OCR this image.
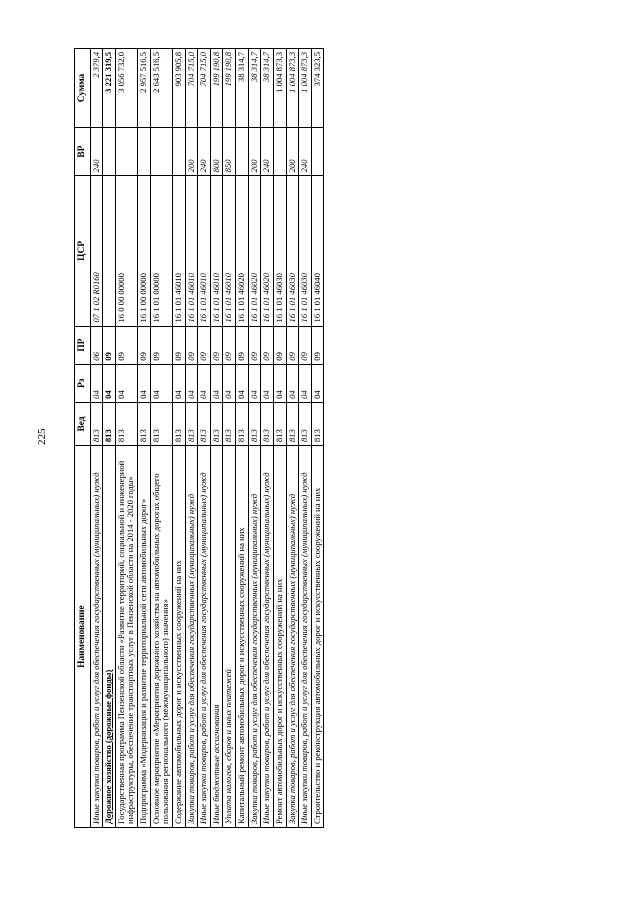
225
Наименование	Вед	Рз	ПР	ЦСР	ВР	Сумма
Иные закупки товаров, работ и услуг для обеспечения государственных (муниципальных) нужд	813	04	06	07 1 02 R0160	240	2 379,4
Дорожное хозяйство (дорожные фонды)	813	04	09			3 221 319,5
Государственная программа Пензенской области «Развитие территорий, социальной и инженерной инфраструктуры, обеспечение транспортных услуг в Пензенской области на 2014 - 2020 годы»	813	04	09	16 0 00 00000		3 056 732,0
Подпрограмма «Модернизация и развитие территориальной сети автомобильных дорог»	813	04	09	16 1 00 00000		2 957 516,5
Основное мероприятие «Мероприятия дорожного хозяйства на автомобильных дорогах общего пользования регионального (межмуниципального) значения»	813	04	09	16 1 01 00000		2 643 516,5
Содержание автомобильных дорог и искусственных сооружений на них	813	04	09	16 1 01 46010		903 905,8
Закупка товаров, работ и услуг для обеспечения государственных (муниципальных) нужд	813	04	09	16 1 01 46010	200	704 715,0
Иные закупки товаров, работ и услуг для обеспечения государственных (муниципальных) нужд	813	04	09	16 1 01 46010	240	704 715,0
Иные бюджетные ассигнования	813	04	09	16 1 01 46010	800	199 190,8
Уплата налогов, сборов и иных платежей	813	04	09	16 1 01 46010	850	199 190,8
Капитальный ремонт автомобильных дорог и искусственных сооружений на них	813	04	09	16 1 01 46020		38 314,7
Закупка товаров, работ и услуг для обеспечения государственных (муниципальных) нужд	813	04	09	16 1 01 46020	200	38 314,7
Иные закупки товаров, работ и услуг для обеспечения государственных (муниципальных) нужд	813	04	09	16 1 01 46020	240	38 314,7
Ремонт автомобильных дорог и искусственных сооружений на них	813	04	09	16 1 01 46030		1 004 873,3
Закупка товаров, работ и услуг для обеспечения государственных (муниципальных) нужд	813	04	09	16 1 01 46030	200	1 004 873,3
Иные закупки товаров, работ и услуг для обеспечения государственных (муниципальных) нужд	813	04	09	16 1 01 46030	240	1 004 873,3
Строительство и реконструкция автомобильных дорог и искусственных сооружений на них	813	04	09	16 1 01 46040		374 323,5
